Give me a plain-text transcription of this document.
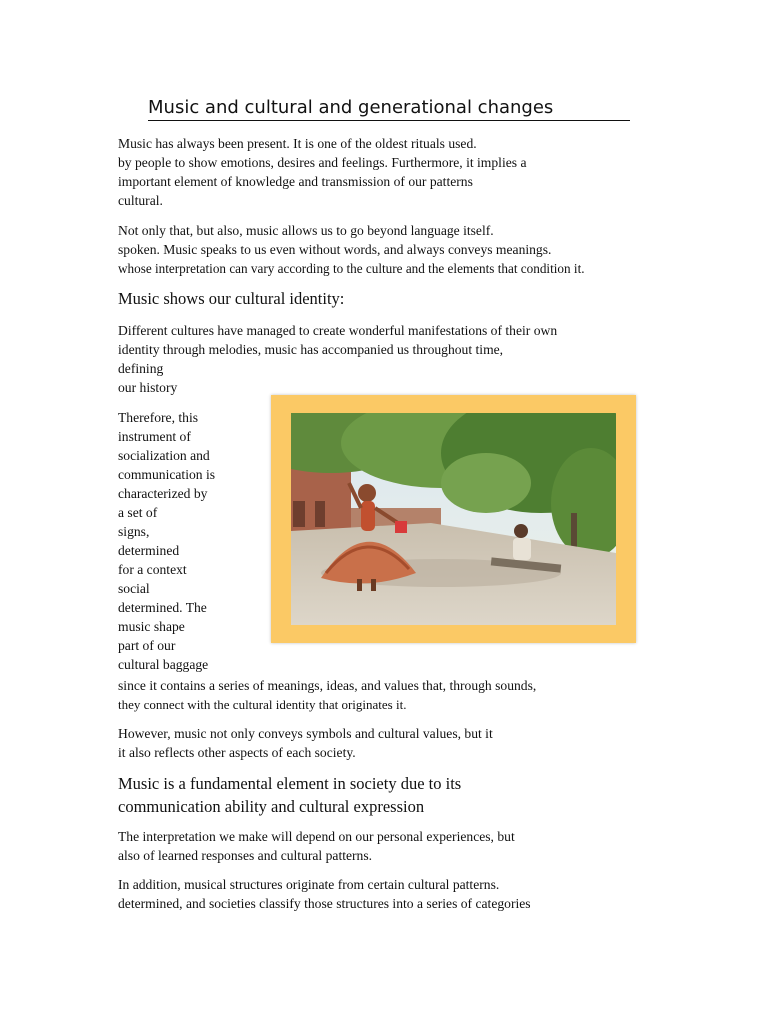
Music and cultural and generational changes
Music has always been present. It is one of the oldest rituals used.
by people to show emotions, desires and feelings. Furthermore, it implies a
important element of knowledge and transmission of our patterns
cultural.
Not only that, but also, music allows us to go beyond language itself.
spoken. Music speaks to us even without words, and always conveys meanings.
whose interpretation can vary according to the culture and the elements that condition it.
Music shows our cultural identity:
Different cultures have managed to create wonderful manifestations of their own
identity through melodies, music has accompanied us throughout time,
defining
our history
Therefore, this
instrument of
socialization and
communication is
characterized by
a set of
signs,
determined
for a context
social
determined. The
music shape
part of our
cultural baggage
since it contains a series of meanings, ideas, and values that, through sounds,
they connect with the cultural identity that originates it.
However, music not only conveys symbols and cultural values, but it
it also reflects other aspects of each society.
Music is a fundamental element in society due to its
communication ability and cultural expression
The interpretation we make will depend on our personal experiences, but
also of learned responses and cultural patterns.
In addition, musical structures originate from certain cultural patterns.
determined, and societies classify those structures into a series of categories
